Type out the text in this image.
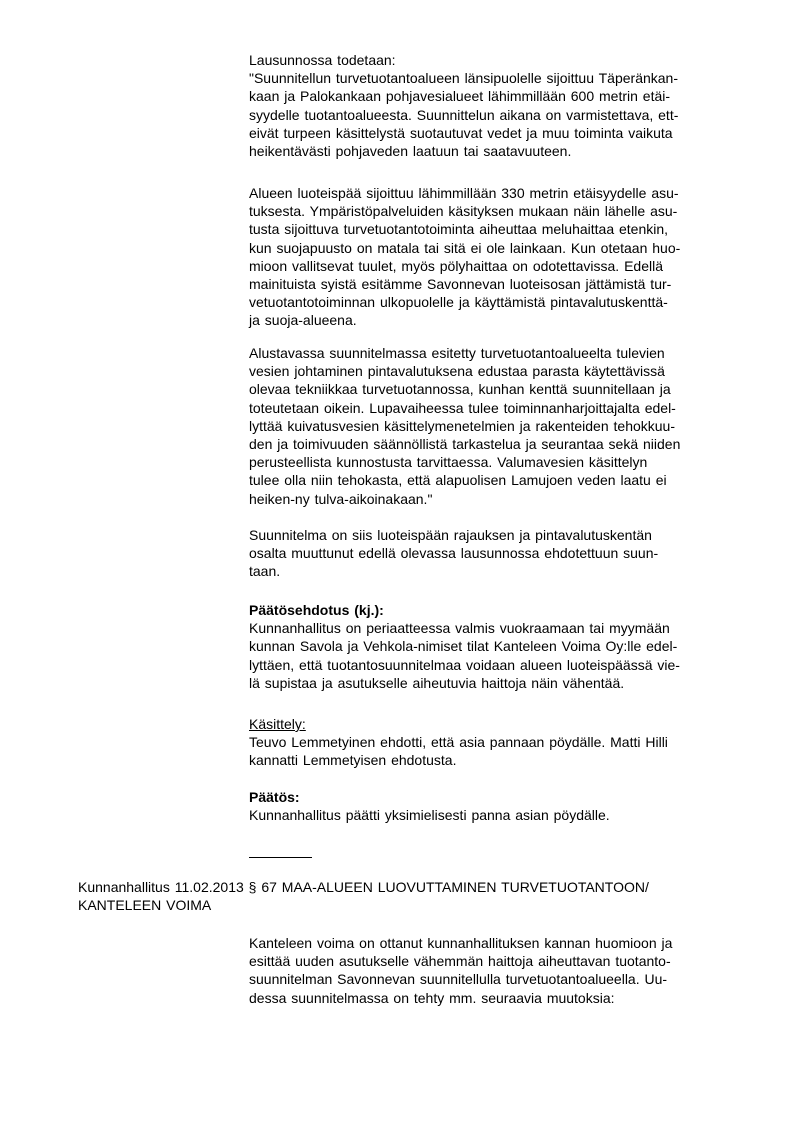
Lausunnossa todetaan:
"Suunnitellun turvetuotantoalueen länsipuolelle sijoittuu Täperänkan-
kaan ja Palokankaan pohjavesialueet lähimmillään 600 metrin etäi-
syydelle tuotantoalueesta. Suunnittelun aikana on varmistettava, ett-
eivät turpeen käsittelystä suotautuvat vedet ja muu toiminta vaikuta
heikentävästi pohjaveden laatuun tai saatavuuteen.
Alueen luoteispää sijoittuu lähimmillään 330 metrin etäisyydelle asu-
tuksesta. Ympäristöpalveluiden käsityksen mukaan näin lähelle asu-
tusta sijoittuva turvetuotantotoiminta aiheuttaa meluhaittaa etenkin,
kun suojapuusto on matala tai sitä ei ole lainkaan. Kun otetaan huo-
mioon vallitsevat tuulet, myös pölyhaittaa on odotettavissa. Edellä
mainituista syistä esitämme Savonnevan luoteisosan jättämistä tur-
vetuotantotoiminnan ulkopuolelle ja käyttämistä pintavalutuskenttä-
ja suoja-alueena.
Alustavassa suunnitelmassa esitetty turvetuotantoalueelta tulevien
vesien johtaminen pintavalutuksena edustaa parasta käytettävissä
olevaa tekniikkaa turvetuotannossa, kunhan kenttä suunnitellaan ja
toteutetaan oikein. Lupavaiheessa tulee toiminnanharjoittajalta edel-
lyttää kuivatusvesien käsittelymenetelmien ja rakenteiden tehokkuu-
den ja toimivuuden säännöllistä tarkastelua ja seurantaa sekä niiden
perusteellista kunnostusta tarvittaessa. Valumavesien käsittelyn
tulee olla niin tehokasta, että alapuolisen Lamujoen veden laatu ei
heiken-ny tulva-aikoinakaan."
Suunnitelma on siis luoteispään rajauksen ja pintavalutuskentän
osalta muuttunut edellä olevassa lausunnossa ehdotettuun suun-
taan.
Päätösehdotus (kj.):
Kunnanhallitus on periaatteessa valmis vuokraamaan tai myymään
kunnan Savola ja Vehkola-nimiset tilat Kanteleen Voima Oy:lle edel-
lyttäen, että tuotantosuunnitelmaa voidaan alueen luoteispäässä vie-
lä supistaa ja asutukselle aiheutuvia haittoja näin vähentää.
Käsittely:
Teuvo Lemmetyinen ehdotti, että asia pannaan pöydälle. Matti Hilli
kannatti Lemmetyisen ehdotusta.
Päätös:
Kunnanhallitus päätti yksimielisesti panna asian pöydälle.
Kunnanhallitus 11.02.2013 § 67 MAA-ALUEEN LUOVUTTAMINEN TURVETUOTANTOON/
KANTELEEN VOIMA
Kanteleen voima on ottanut kunnanhallituksen kannan huomioon ja
esittää uuden asutukselle vähemmän haittoja aiheuttavan tuotanto-
suunnitelman Savonnevan suunnitellulla turvetuotantoalueella. Uu-
dessa suunnitelmassa on tehty mm. seuraavia muutoksia:
